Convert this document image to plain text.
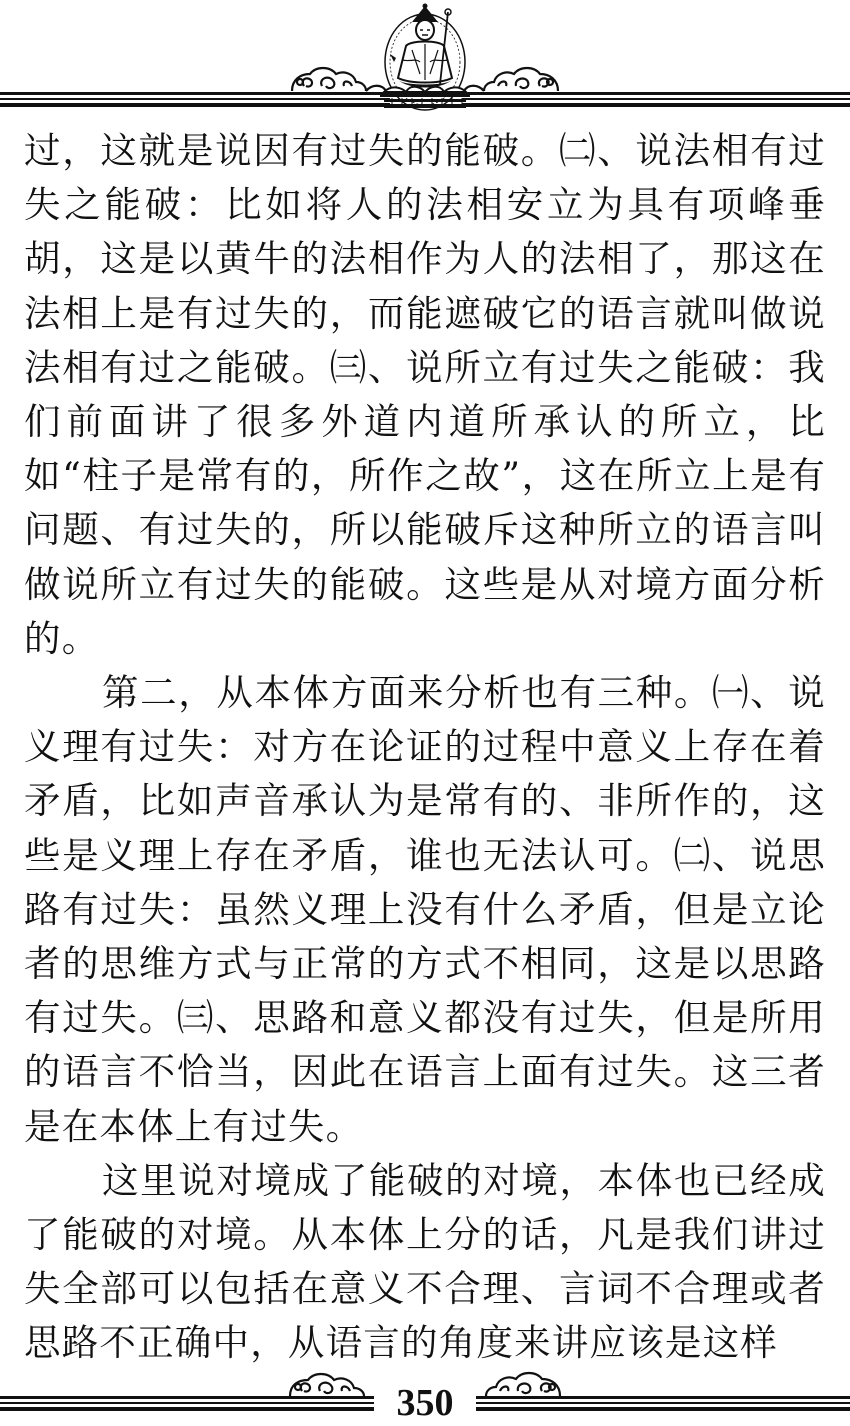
过，这就是说因有过失的能破。㈡、说法相有过失之能破：比如将人的法相安立为具有项峰垂胡，这是以黄牛的法相作为人的法相了，那这在法相上是有过失的，而能遮破它的语言就叫做说法相有过之能破。㈢、说所立有过失之能破：我们前面讲了很多外道内道所承认的所立，比如“柱子是常有的，所作之故”，这在所立上是有问题、有过失的，所以能破斥这种所立的语言叫做说所立有过失的能破。这些是从对境方面分析的。

第二，从本体方面来分析也有三种。㈠、说义理有过失：对方在论证的过程中意义上存在着矛盾，比如声音承认为是常有的、非所作的，这些是义理上存在矛盾，谁也无法认可。㈡、说思路有过失：虽然义理上没有什么矛盾，但是立论者的思维方式与正常的方式不相同，这是以思路有过失。㈢、思路和意义都没有过失，但是所用的语言不恰当，因此在语言上面有过失。这三者是在本体上有过失。

这里说对境成了能破的对境，本体也已经成了能破的对境。从本体上分的话，凡是我们讲过失全部可以包括在意义不合理、言词不合理或者思路不正确中，从语言的角度来讲应该是这样

350
